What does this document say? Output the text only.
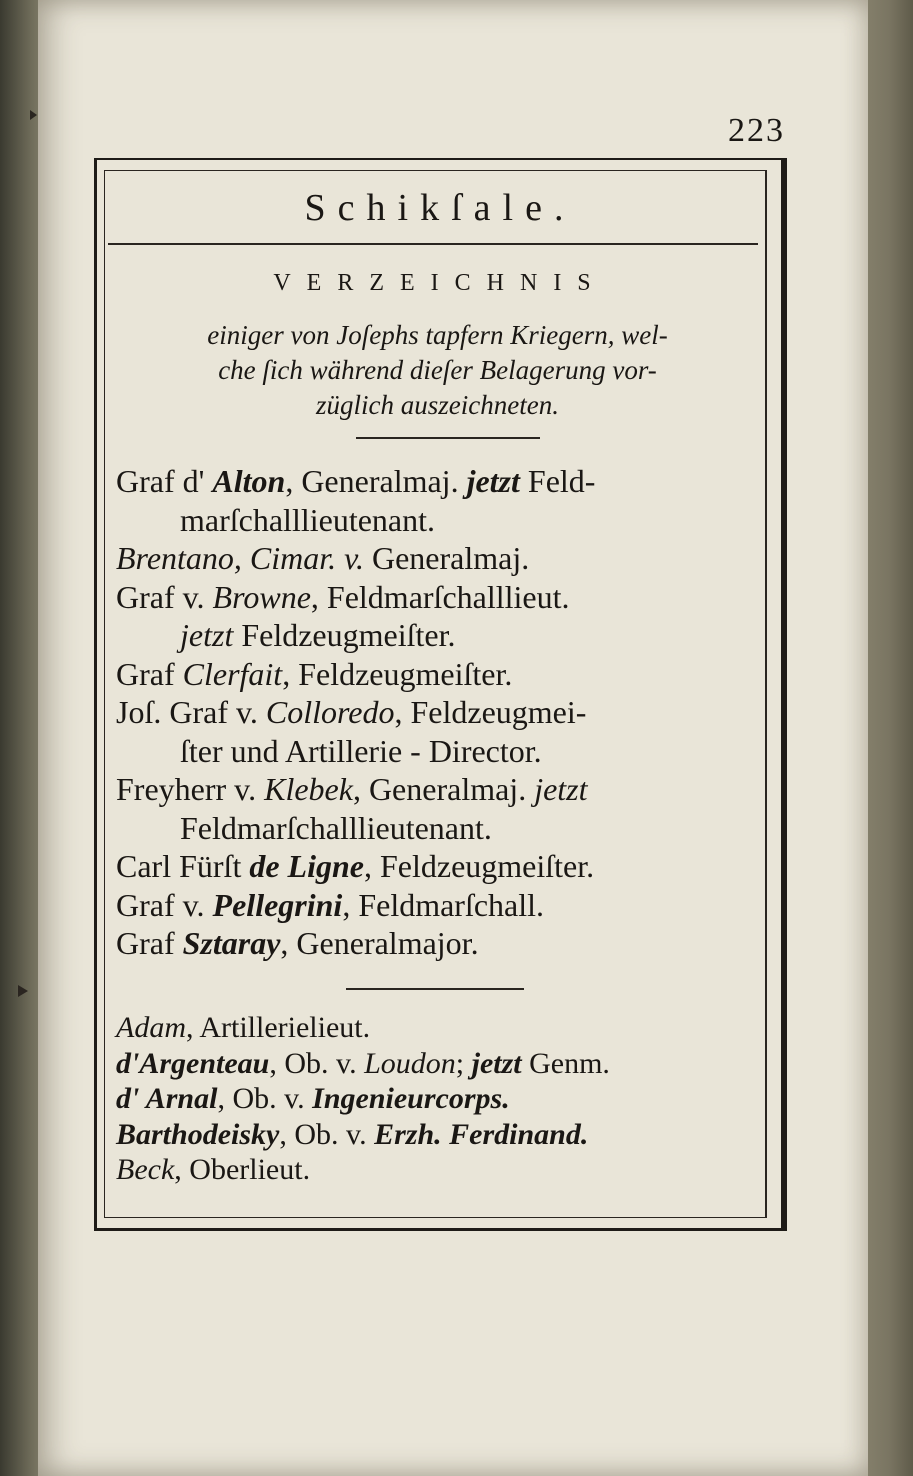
223
Schikſale.
VERZEICHNIS
einiger von Joſephs tapfern Kriegern, wel-
che ſich während dieſer Belagerung vor-
züglich auszeichneten.
Graf d' Alton, Generalmaj. jetzt Feld-
marſchalllieutenant.
Brentano, Cimar. v. Generalmaj.
Graf v. Browne, Feldmarſchalllieut.
jetzt Feldzeugmeiſter.
Graf Clerfait, Feldzeugmeiſter.
Joſ. Graf v. Colloredo, Feldzeugmei-
ſter und Artillerie - Director.
Freyherr v. Klebek, Generalmaj. jetzt
Feldmarſchalllieutenant.
Carl Fürſt de Ligne, Feldzeugmeiſter.
Graf v. Pellegrini, Feldmarſchall.
Graf Sztaray, Generalmajor.
Adam, Artillerielieut.
d'Argenteau, Ob. v. Loudon; jetzt Genm.
d' Arnal, Ob. v. Ingenieurcorps.
Barthodeisky, Ob. v. Erzh. Ferdinand.
Beck, Oberlieut.
